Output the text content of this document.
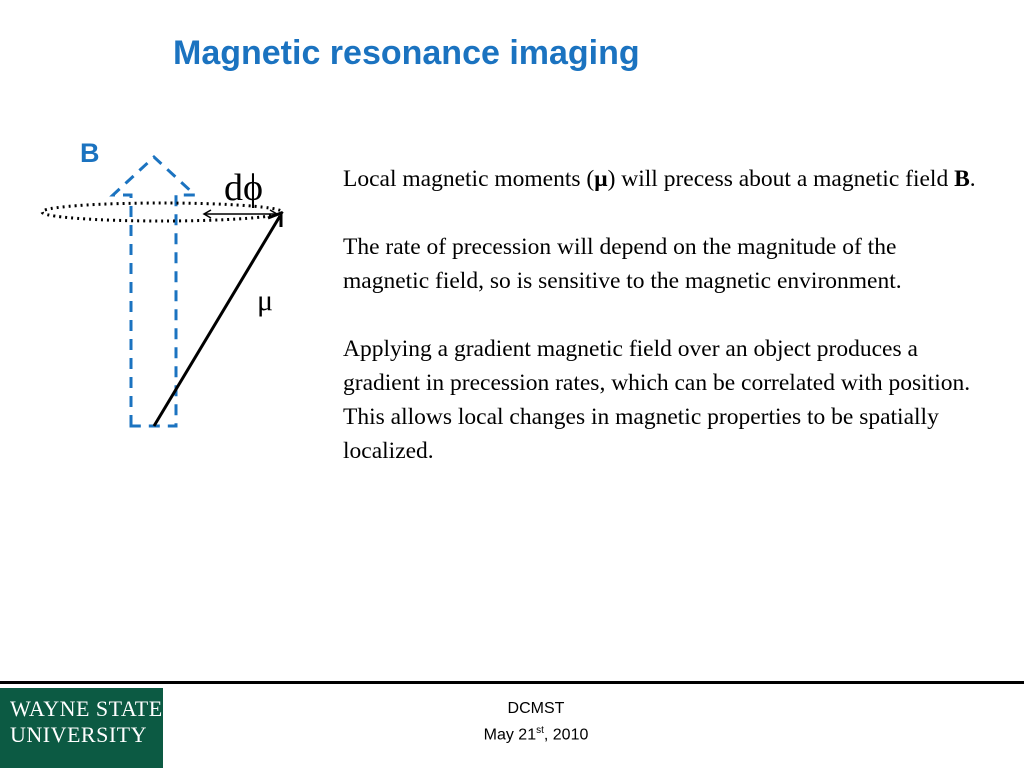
Magnetic resonance imaging
B
dϕ
μ

Local magnetic moments (μ) will precess about a magnetic field B.

The rate of precession will depend on the magnitude of the magnetic field, so is sensitive to the magnetic environment.

Applying a gradient magnetic field over an object produces a gradient in precession rates, which can be correlated with position. This allows local changes in magnetic properties to be spatially localized.

WAYNE STATE
UNIVERSITY
DCMST
May 21st, 2010
